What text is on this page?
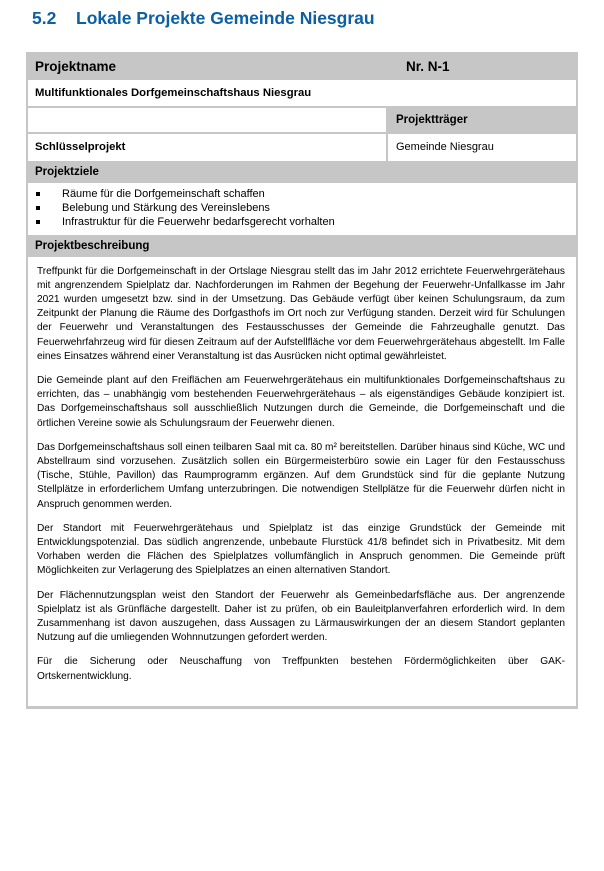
5.2 Lokale Projekte Gemeinde Niesgrau
Projektname	Nr. N-1
Multifunktionales Dorfgemeinschaftshaus Niesgrau
Projektträger
Schlüsselprojekt	Gemeinde Niesgrau
Projektziele
Räume für die Dorfgemeinschaft schaffen
Belebung und Stärkung des Vereinslebens
Infrastruktur für die Feuerwehr bedarfsgerecht vorhalten
Projektbeschreibung

Treffpunkt für die Dorfgemeinschaft in der Ortslage Niesgrau stellt das im Jahr 2012 errichtete Feuerwehrgerätehaus mit angrenzendem Spielplatz dar. Nachforderungen im Rahmen der Begehung der Feuerwehr-Unfallkasse im Jahr 2021 wurden umgesetzt bzw. sind in der Umsetzung. Das Gebäude verfügt über keinen Schulungsraum, da zum Zeitpunkt der Planung die Räume des Dorfgasthofs im Ort noch zur Verfügung standen. Derzeit wird für Schulungen der Feuerwehr und Veranstaltungen des Festausschusses der Gemeinde die Fahrzeughalle genutzt. Das Feuerwehrfahrzeug wird für diesen Zeitraum auf der Aufstellfläche vor dem Feuerwehrgerätehaus abgestellt. Im Falle eines Einsatzes während einer Veranstaltung ist das Ausrücken nicht optimal gewährleistet.

Die Gemeinde plant auf den Freiflächen am Feuerwehrgerätehaus ein multifunktionales Dorfgemeinschaftshaus zu errichten, das – unabhängig vom bestehenden Feuerwehrgerätehaus – als eigenständiges Gebäude konzipiert ist. Das Dorfgemeinschaftshaus soll ausschließlich Nutzungen durch die Gemeinde, die Dorfgemeinschaft und die örtlichen Vereine sowie als Schulungsraum der Feuerwehr dienen.

Das Dorfgemeinschaftshaus soll einen teilbaren Saal mit ca. 80 m² bereitstellen. Darüber hinaus sind Küche, WC und Abstellraum sind vorzusehen. Zusätzlich sollen ein Bürgermeisterbüro sowie ein Lager für den Festausschuss (Tische, Stühle, Pavillon) das Raumprogramm ergänzen. Auf dem Grundstück sind für die geplante Nutzung Stellplätze in erforderlichem Umfang unterzubringen. Die notwendigen Stellplätze für die Feuerwehr dürfen nicht in Anspruch genommen werden.

Der Standort mit Feuerwehrgerätehaus und Spielplatz ist das einzige Grundstück der Gemeinde mit Entwicklungspotenzial. Das südlich angrenzende, unbebaute Flurstück 41/8 befindet sich in Privatbesitz. Mit dem Vorhaben werden die Flächen des Spielplatzes vollumfänglich in Anspruch genommen. Die Gemeinde prüft Möglichkeiten zur Verlagerung des Spielplatzes an einen alternativen Standort.

Der Flächennutzungsplan weist den Standort der Feuerwehr als Gemeinbedarfsfläche aus. Der angrenzende Spielplatz ist als Grünfläche dargestellt. Daher ist zu prüfen, ob ein Bauleitplanverfahren erforderlich wird. In dem Zusammenhang ist davon auszugehen, dass Aussagen zu Lärmauswirkungen der an diesem Standort geplanten Nutzung auf die umliegenden Wohnnutzungen gefordert werden.

Für die Sicherung oder Neuschaffung von Treffpunkten bestehen Fördermöglichkeiten über GAK-Ortskernentwicklung.
